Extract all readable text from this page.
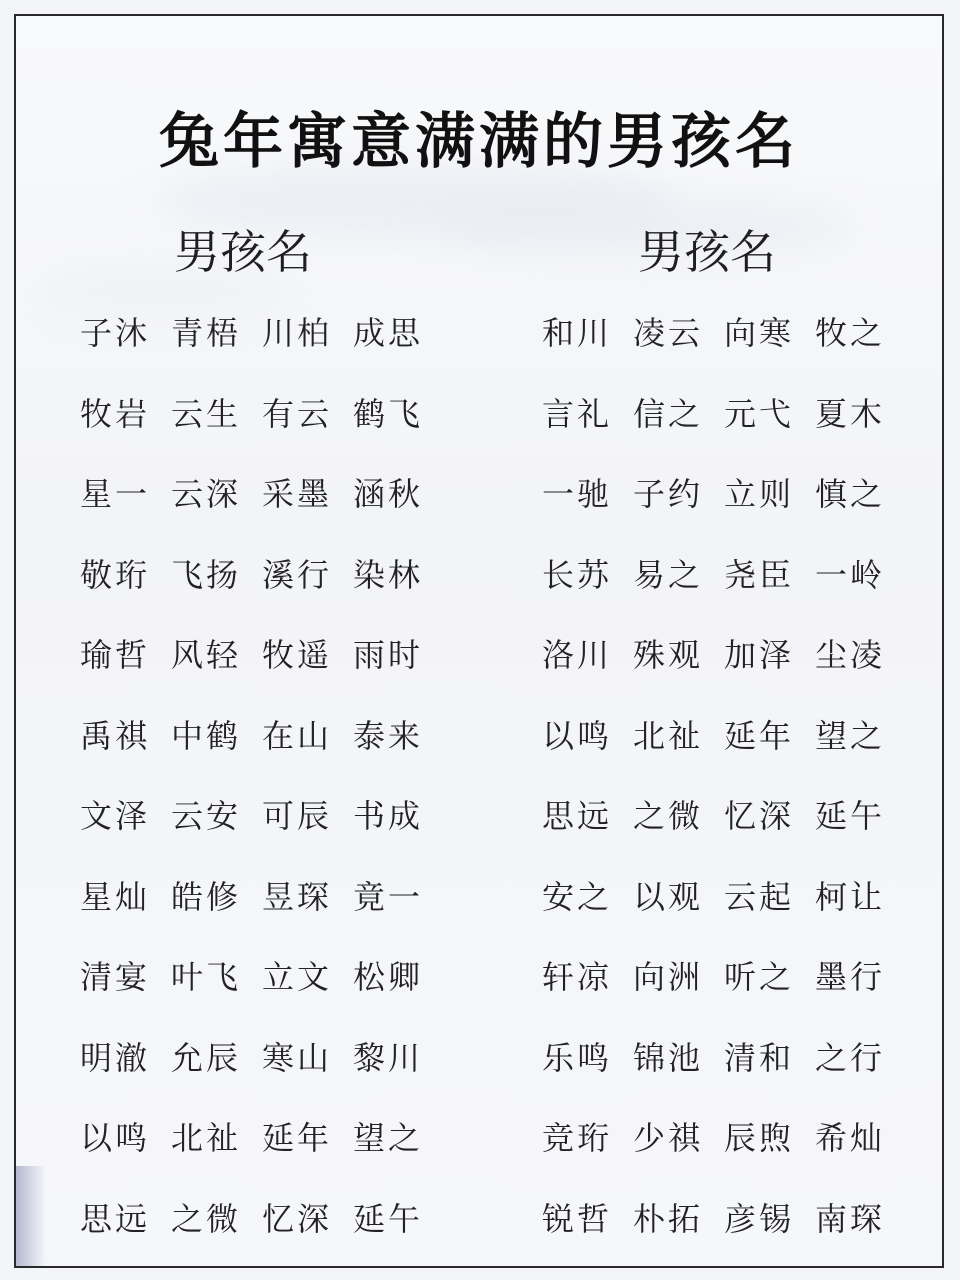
兔年寓意满满的男孩名
男孩名	男孩名
子沐 青梧 川柏 成思
牧岩 云生 有云 鹤飞
星一 云深 采墨 涵秋
敬珩 飞扬 溪行 染林
瑜哲 风轻 牧遥 雨时
禹祺 中鹤 在山 泰来
文泽 云安 可辰 书成
星灿 皓修 昱琛 竟一
清宴 叶飞 立文 松卿
明澈 允辰 寒山 黎川
以鸣 北祉 延年 望之
思远 之微 忆深 延午
和川 凌云 向寒 牧之
言礼 信之 元弋 夏木
一驰 子约 立则 慎之
长苏 易之 尧臣 一岭
洛川 殊观 加泽 尘凌
以鸣 北祉 延年 望之
思远 之微 忆深 延午
安之 以观 云起 柯让
轩凉 向洲 听之 墨行
乐鸣 锦池 清和 之行
竞珩 少祺 辰煦 希灿
锐哲 朴拓 彦锡 南琛
